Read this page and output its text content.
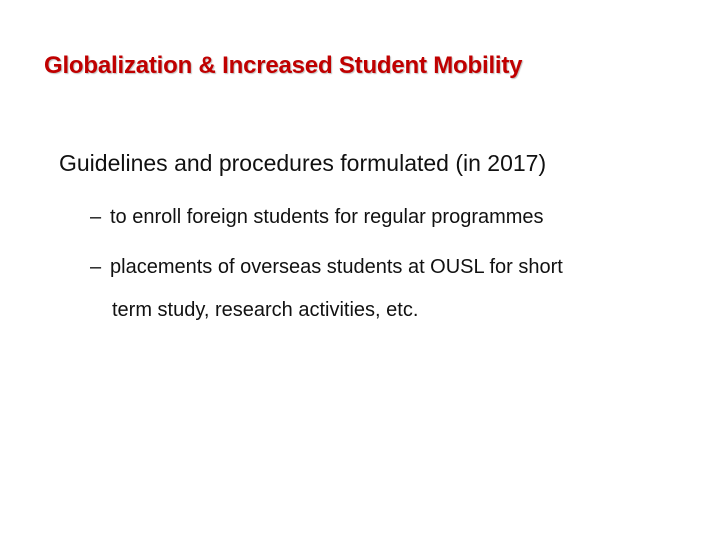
Globalization & Increased Student Mobility
Guidelines and procedures formulated (in 2017)
– to enroll foreign students for regular programmes
– placements of overseas students at OUSL for short
term study, research activities, etc.
